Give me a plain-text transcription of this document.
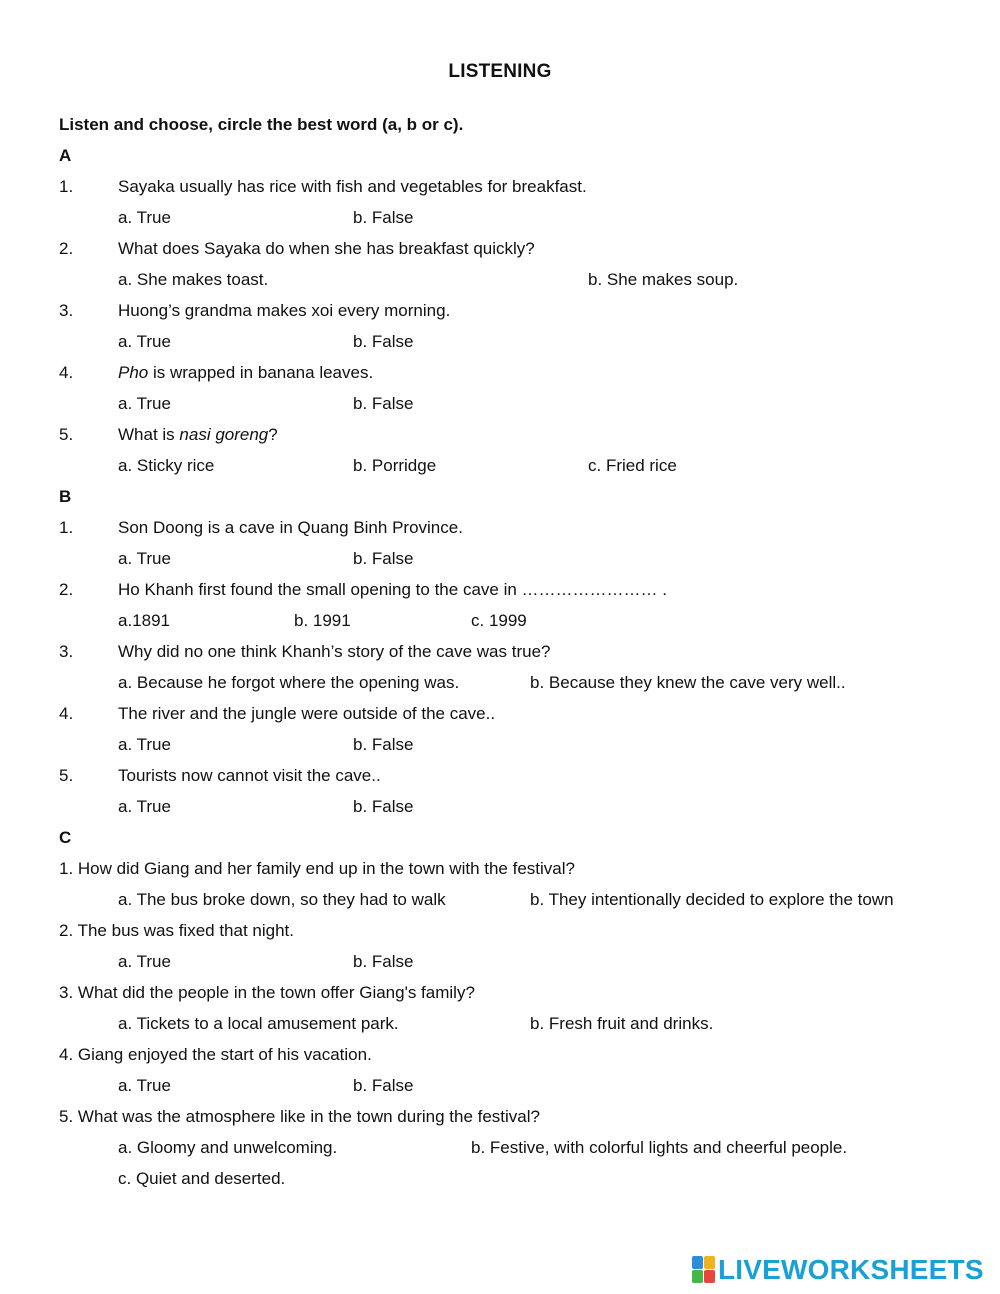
LISTENING
Listen and choose, circle the best word (a, b or c).
A
1.	Sayaka usually has rice with fish and vegetables for breakfast.
a. True	b. False
2.	What does Sayaka do when she has breakfast quickly?
a. She makes toast.	b. She makes soup.
3.	Huong’s grandma makes xoi every morning.
a. True	b. False
4.	Pho is wrapped in banana leaves.
a. True	b. False
5.	What is nasi goreng?
a. Sticky rice	b. Porridge	c. Fried rice
B
1.	Son Doong is a cave in Quang Binh Province.
a. True	b. False
2.	Ho Khanh first found the small opening to the cave in …………………… .
a.1891	b. 1991	c. 1999
3.	Why did no one think Khanh’s story of the cave was true?
a. Because he forgot where the opening was.	b. Because they knew the cave very well..
4.	The river and the jungle were outside of the cave..
a. True	b. False
5.	Tourists now cannot visit the cave..
a. True	b. False
C
1. How did Giang and her family end up in the town with the festival?
a. The bus broke down, so they had to walk	b. They intentionally decided to explore the town
2. The bus was fixed that night.
a. True	b. False
3. What did the people in the town offer Giang's family?
a. Tickets to a local amusement park.	b. Fresh fruit and drinks.
4. Giang enjoyed the start of his vacation.
a. True	b. False
5. What was the atmosphere like in the town during the festival?
a. Gloomy and unwelcoming.	b. Festive, with colorful lights and cheerful people.
c. Quiet and deserted.
LIVEWORKSHEETS
